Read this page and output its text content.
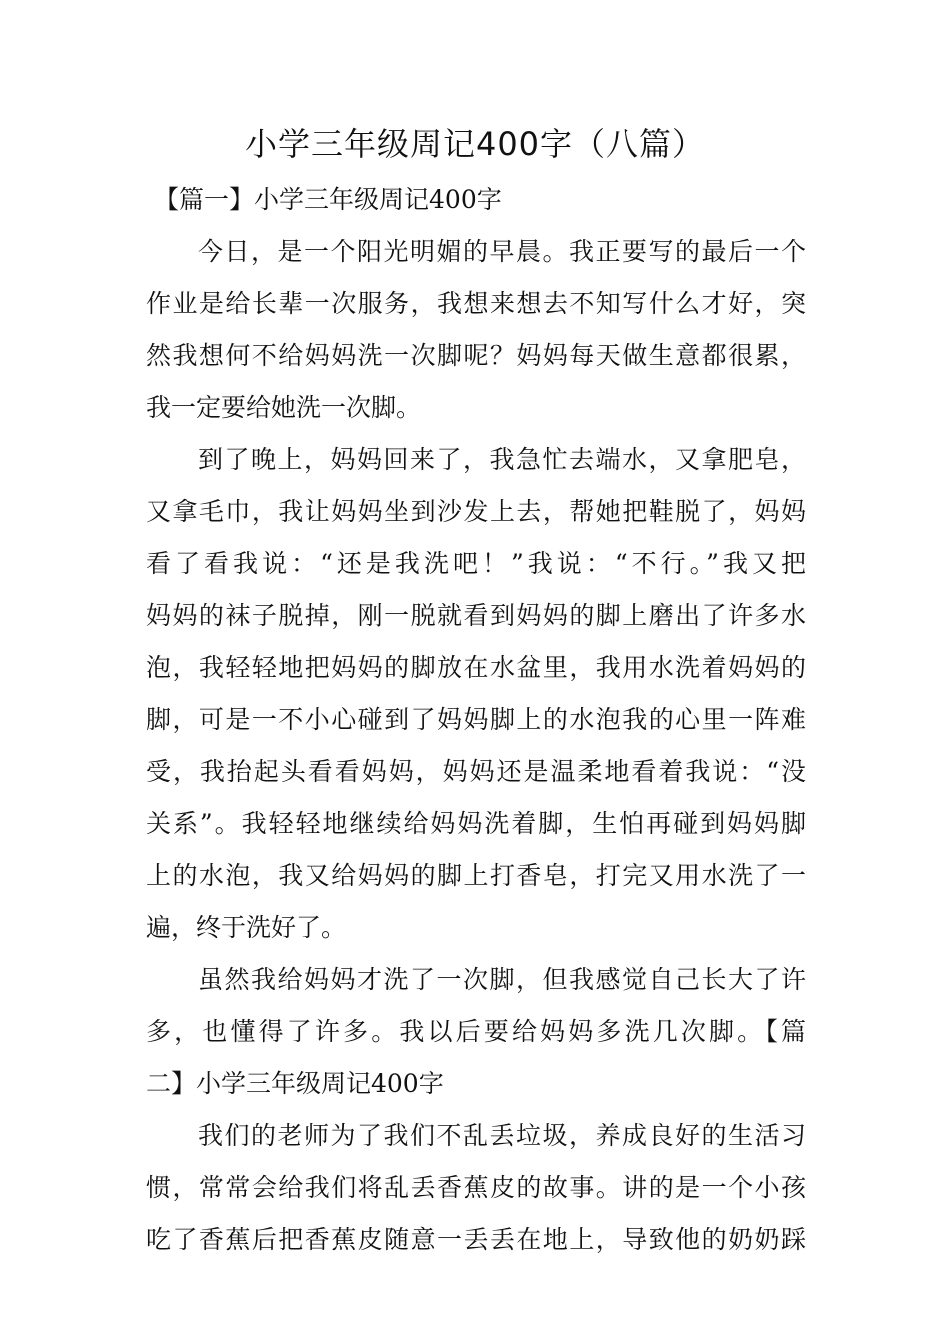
小学三年级周记400字（八篇）
【篇一】小学三年级周记400字
今日，是一个阳光明媚的早晨。我正要写的最后一个
作业是给长辈一次服务，我想来想去不知写什么才好，突
然我想何不给妈妈洗一次脚呢？妈妈每天做生意都很累，
我一定要给她洗一次脚。
到了晚上，妈妈回来了，我急忙去端水，又拿肥皂，
又拿毛巾，我让妈妈坐到沙发上去，帮她把鞋脱了，妈妈
看了看我说：“还是我洗吧！”我说：“不行。”我又把
妈妈的袜子脱掉，刚一脱就看到妈妈的脚上磨出了许多水
泡，我轻轻地把妈妈的脚放在水盆里，我用水洗着妈妈的
脚，可是一不小心碰到了妈妈脚上的水泡我的心里一阵难
受，我抬起头看看妈妈，妈妈还是温柔地看着我说：“没
关系”。我轻轻地继续给妈妈洗着脚，生怕再碰到妈妈脚
上的水泡，我又给妈妈的脚上打香皂，打完又用水洗了一
遍，终于洗好了。
虽然我给妈妈才洗了一次脚，但我感觉自己长大了许
多，也懂得了许多。我以后要给妈妈多洗几次脚。【篇
二】小学三年级周记400字
我们的老师为了我们不乱丢垃圾，养成良好的生活习
惯，常常会给我们将乱丢香蕉皮的故事。讲的是一个小孩
吃了香蕉后把香蕉皮随意一丢丢在地上，导致他的奶奶踩
